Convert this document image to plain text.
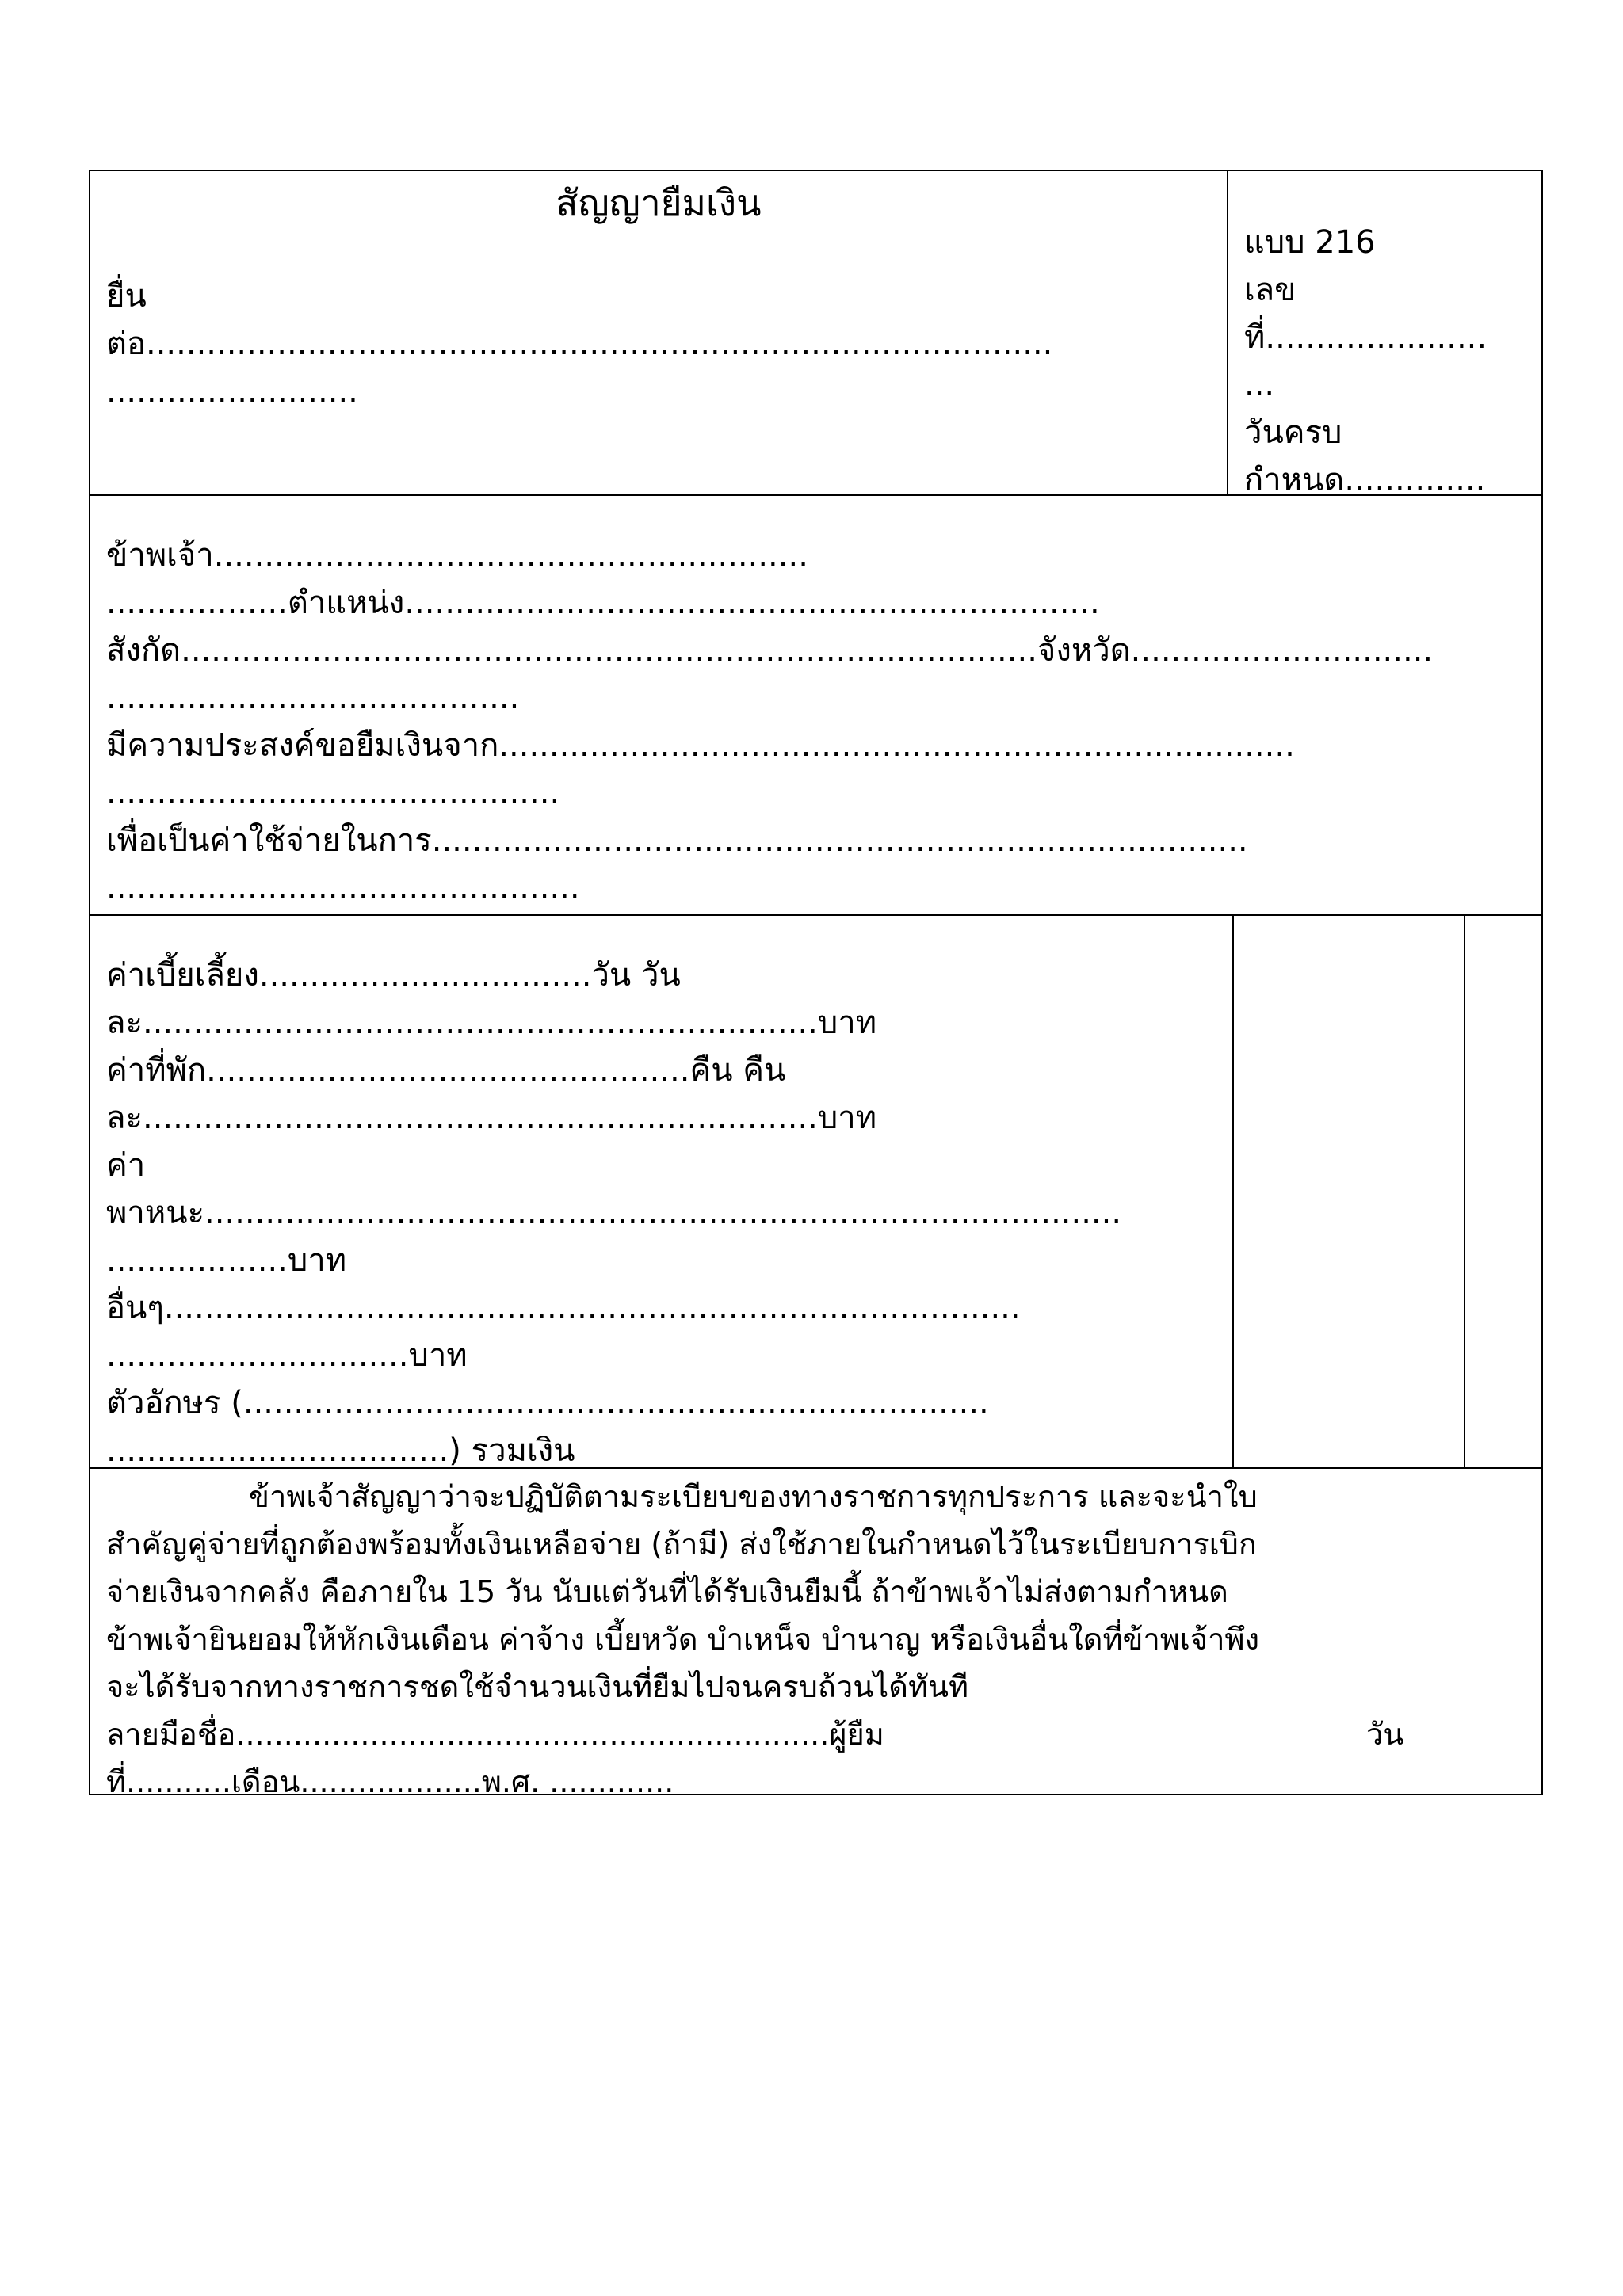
สัญญายืมเงิน
ยื่น
ต่อ..........................................................................................
.........................
แบบ 216
เลข
ที่......................
...
วันครบ
กำหนด..............
ข้าพเจ้า...........................................................
..................ตำแหน่ง.....................................................................
สังกัด.....................................................................................จังหวัด..............................
.........................................
มีความประสงค์ขอยืมเงินจาก...............................................................................
.............................................
เพื่อเป็นค่าใช้จ่ายในการ.................................................................................
...............................................
ค่าเบี้ยเลี้ยง.................................วัน วัน
ละ...................................................................บาท
ค่าที่พัก................................................คืน คืน
ละ...................................................................บาท
ค่า
พาหนะ...........................................................................................
..................บาท
อื่นๆ.....................................................................................
..............................บาท
ตัวอักษร (..........................................................................
..................................) รวมเงิน
ข้าพเจ้าสัญญาว่าจะปฏิบัติตามระเบียบของทางราชการทุกประการ และจะนำใบ
สำคัญคู่จ่ายที่ถูกต้องพร้อมทั้งเงินเหลือจ่าย (ถ้ามี) ส่งใช้ภายในกำหนดไว้ในระเบียบการเบิก
จ่ายเงินจากคลัง คือภายใน 15 วัน นับแต่วันที่ได้รับเงินยืมนี้ ถ้าข้าพเจ้าไม่ส่งตามกำหนด
ข้าพเจ้ายินยอมให้หักเงินเดือน ค่าจ้าง เบี้ยหวัด บำเหน็จ บำนาญ หรือเงินอื่นใดที่ข้าพเจ้าพึง
จะได้รับจากทางราชการชดใช้จำนวนเงินที่ยืมไปจนครบถ้วนได้ทันที
ลายมือชื่อ..............................................................ผู้ยืม	วัน
ที่...........เดือน...................พ.ศ. .............
